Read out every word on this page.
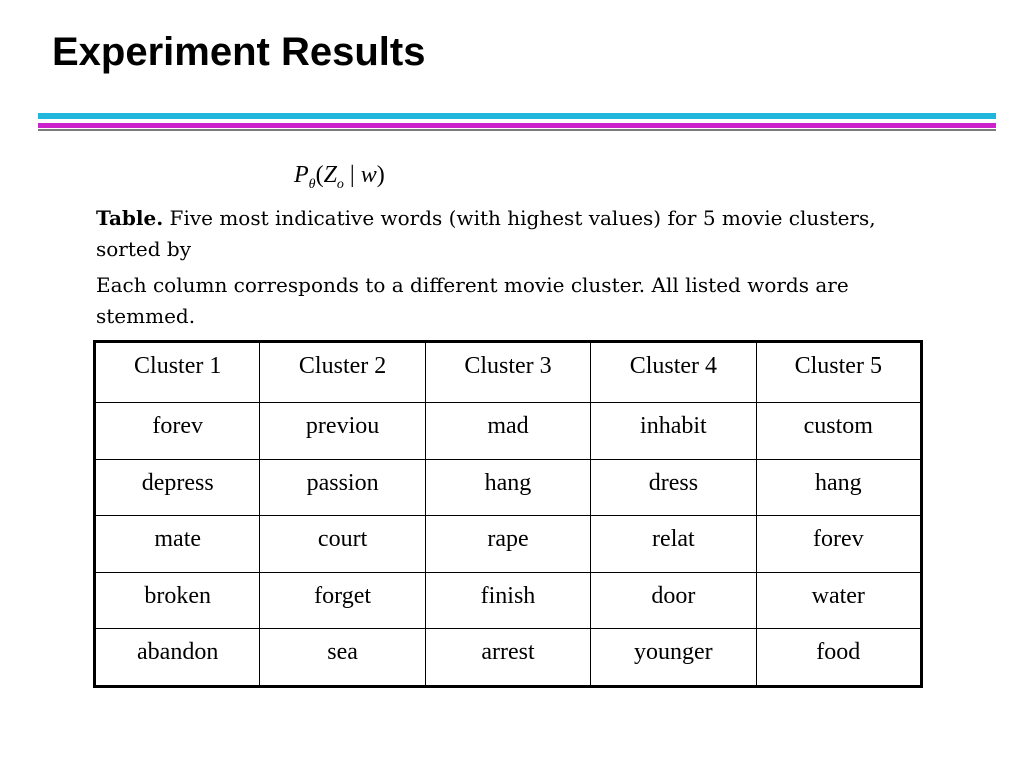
Experiment Results
$P_\theta(Z_o$ | w)
Table. Five most indicative words (with highest values) for 5 movie clusters, sorted by
Each column corresponds to a different movie cluster. All listed words are stemmed.
Cluster 1	Cluster 2	Cluster 3	Cluster 4	Cluster 5
forev	previou	mad	inhabit	custom
depress	passion	hang	dress	hang
mate	court	rape	relat	forev
broken	forget	finish	door	water
abandon	sea	arrest	younger	food
